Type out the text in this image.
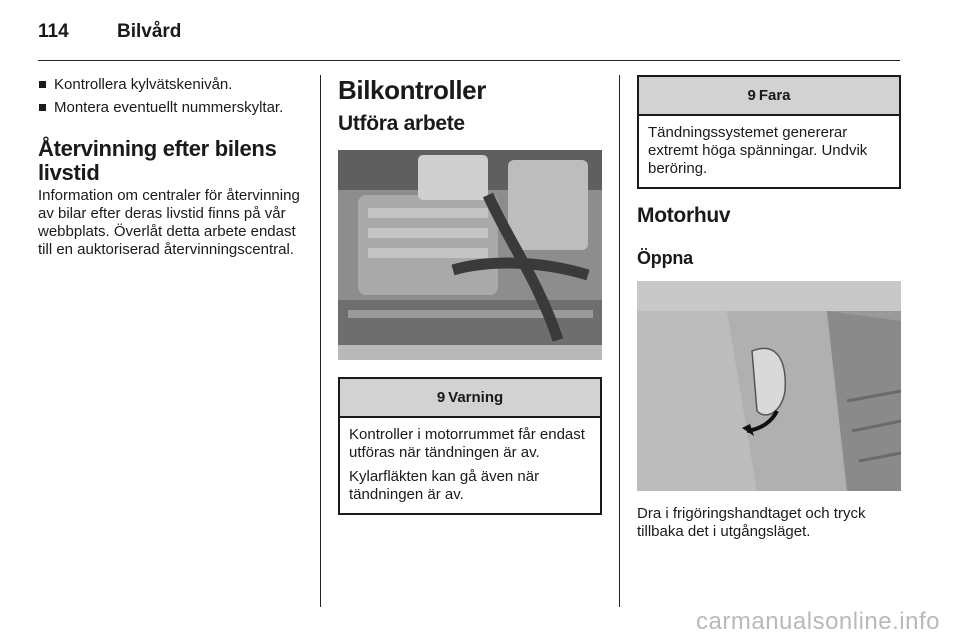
114	Bilvård
Kontrollera kylvätskenivån.
Montera eventuellt nummerskyltar.
Återvinning efter bilens livstid

Information om centraler för återvinning av bilar efter deras livstid finns på vår webbplats. Överlåt detta arbete endast till en auktoriserad återvinningscentral.

Bilkontroller
Utföra arbete
9 Varning

Kontroller i motorrummet får endast utföras när tändningen är av.

Kylarfläkten kan gå även när tändningen är av.

9 Fara

Tändningssystemet genererar extremt höga spänningar. Undvik beröring.

Motorhuv
Öppna

Dra i frigöringshandtaget och tryck tillbaka det i utgångsläget.

carmanualsonline.info
